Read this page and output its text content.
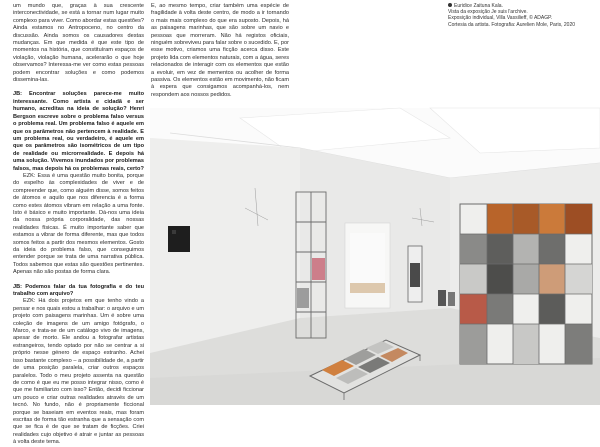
um mundo que, graças à sua crescente interconectividade, se está a tornar num lugar muito complexo para viver. Como abordar estas questões? Ainda estamos no Antropoceno, no centro da discussão. Ainda somos os causadores destas mudanças. Em que medida é que este tipo de momentos na história, que constituíram espaços de violação, violação humana, acelerarão o que hoje observamos? Interessa-me ver como estas pessoas podem encontrar soluções e como podemos dissemina-las.

JB: Encontrar soluções parece-me muito interessante. Como artista e cidadã e ser humano, acreditas na ideia de solução? Henri Bergson escreve sobre o problema falso versus o problema real. Um problema falso é aquele em que os parâmetros não pertencem à realidade. E um problema real, ou verdadeiro, é aquele em que os parâmetros são isométricos de um tipo de realidade ou microrrealidade. E depois há uma solução. Vivemos inundados por problemas falsos, mas depois há os problemas reais, certo?

EZK: Essa é uma questão muito bonita, porque do espelho às complexidades de viver e de compreender que, como alguém disse, somos feitos de átomos e aquilo que nos diferencia é a forma como estes átomos vibram em relação a uma fonte. Isto é básico e muito importante. Dá-nos uma ideia da nossa própria corporalidade, das nossas realidades físicas. É muito importante saber que estamos a vibrar de forma diferente, mas que todos somos feitos a partir dos mesmos elementos. Gosto da ideia do problema falso, que conseguimos entender porque se trata de uma narrativa pública. Todos sabemos que estas são questões pertinentes. Apenas não são postas de forma clara.

JB: Podemos falar da tua fotografia e do teu trabalho com arquivo?

EZK: Há dois projetos em que tenho vindo a pensar e nos quais estou a trabalhar: o arquivo e um projeto com paisagens marinhas. Um é sobre uma coleção de imagens de um amigo fotógrafo, o Marco, e trata-se de um catálogo vivo de imagens, apesar de morto. Ele andou a fotografar artistas estrangeiros, tendo optado por não se centrar a si próprio nesse género de espaço estranho. Achei isso bastante complexo – a possibilidade de, a partir de uma posição paralela, criar outros espaços paralelos. Todo o meu projeto assenta na questão de como é que eu me posso integrar nisso, como é que me familiarizo com isso? Então, decidi ficcionar um pouco e criar outras realidades através de um tecnó. No fundo, não é propriamente ficcional porque se baseiam em eventos reais, mas foram escritas de forma tão estranha que a sensação com que se fica é de que se tratam de ficções. Criei realidades cujo objetivo é atrair e juntar as pessoas à volta deste tema.

E, ao mesmo tempo, criar também uma espécie de fragilidade à volta deste centro, de modo a ir tornando o mais mais complexo do que era suposto. Depois, há as paisagens marinhas, que são sobre um navio e pessoas que morreram. Não há registos oficiais, ninguém sobreviveu para falar sobre o sucedido. E, por esse motivo, criamos uma ficção acerca disso. Este projeto lida com elementos naturais, com a água, seres relacionados de interagir com os elementos que estão a evoluir, em vez de mementos ou acolher de forma passiva. Os elementos estão em movimento, não ficam à espera que consigamos acompanhá-los, nem respondem aos nossos pedidos.

Euridice Zaituna Kala.
Vista da exposição Je suis l'archive.
Exposição individual, Villa Vassilieff, © ADAGP.
Cortesia da artista. Fotografia: Aurelien Mole, Paris, 2020
